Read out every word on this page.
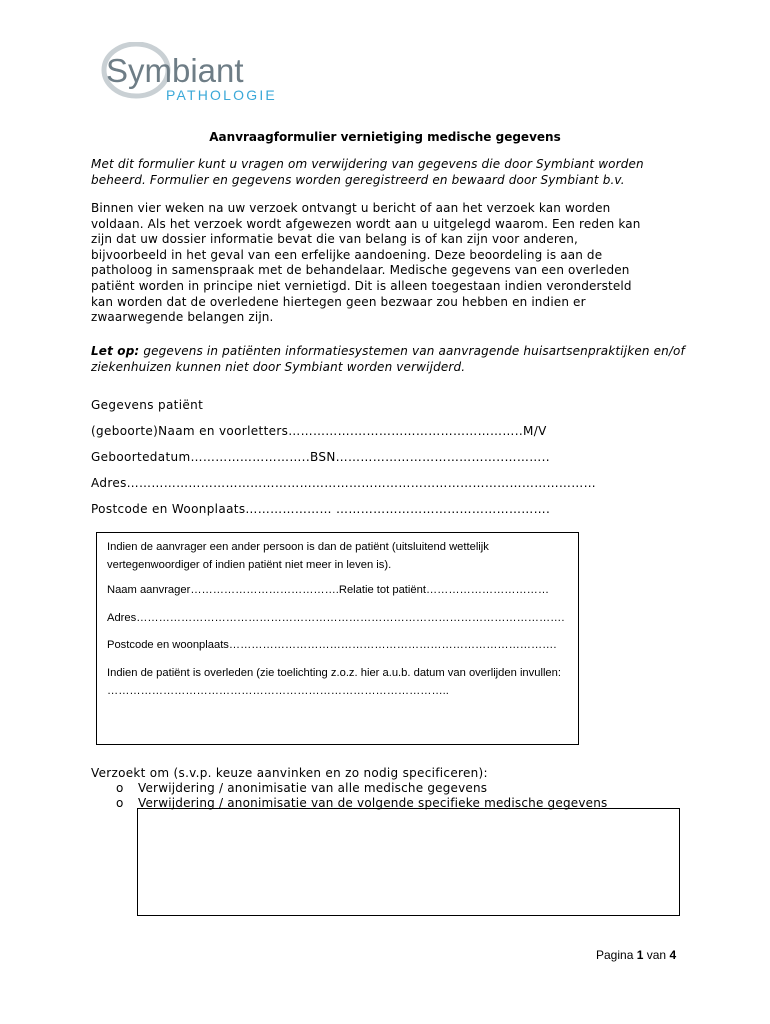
Symbiant
PATHOLOGIE
Aanvraagformulier vernietiging medische gegevens
Met dit formulier kunt u vragen om verwijdering van gegevens die door Symbiant worden beheerd. Formulier en gegevens worden geregistreerd en bewaard door Symbiant b.v.
Binnen vier weken na uw verzoek ontvangt u bericht of aan het verzoek kan worden
voldaan. Als het verzoek wordt afgewezen wordt aan u uitgelegd waarom. Een reden kan
zijn dat uw dossier informatie bevat die van belang is of kan zijn voor anderen,
bijvoorbeeld in het geval van een erfelijke aandoening. Deze beoordeling is aan de
patholoog in samenspraak met de behandelaar. Medische gegevens van een overleden
patiënt worden in principe niet vernietigd. Dit is alleen toegestaan indien verondersteld
kan worden dat de overledene hiertegen geen bezwaar zou hebben en indien er
zwaarwegende belangen zijn.
Let op: gegevens in patiënten informatiesystemen van aanvragende huisartsenpraktijken en/of ziekenhuizen kunnen niet door Symbiant worden verwijderd.
Gegevens patiënt
(geboorte)Naam en voorletters…………….…………………………………..M/V
Geboortedatum………………………..BSN…………………………………..………..
Adres……………………………………………………………………………………………………
Postcode en Woonplaats………………… …………………………………………….
Indien de aanvrager een ander persoon is dan de patiënt (uitsluitend wettelijk vertegenwoordiger of indien patiënt niet meer in leven is).
Naam aanvrager………………………………….Relatie tot patiënt……………………………
Adres…………………………………………………………………………………………………….
Postcode en woonplaats…………………………………………………………………………….
Indien de patiënt is overleden (zie toelichting z.o.z. hier a.u.b. datum van overlijden invullen: ………………………………………………………………………………..
Verzoekt om (s.v.p. keuze aanvinken en zo nodig specificeren):
o Verwijdering / anonimisatie van alle medische gegevens
o Verwijdering / anonimisatie van de volgende specifieke medische gegevens
Pagina 1 van 4
